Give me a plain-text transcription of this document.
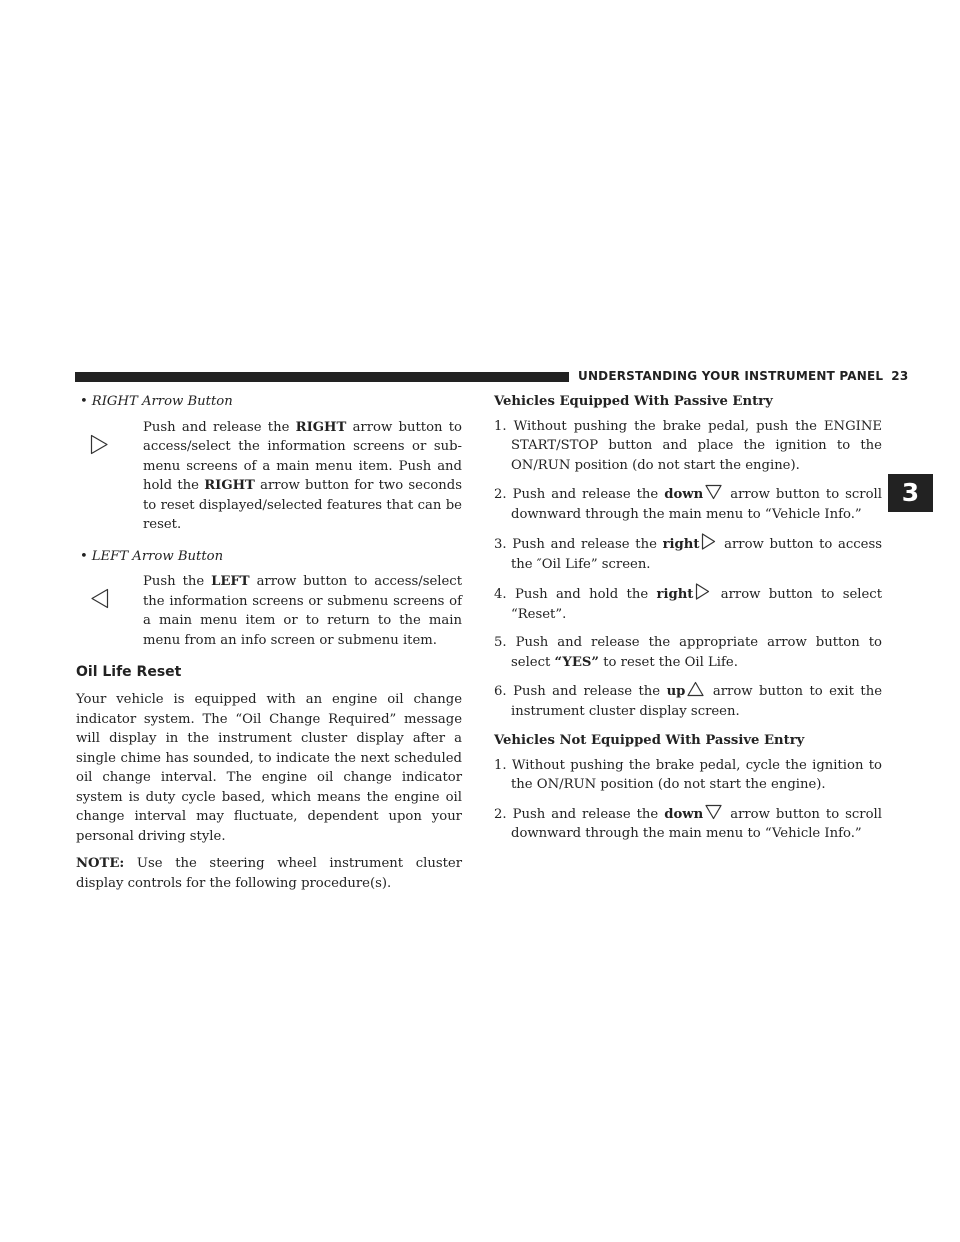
UNDERSTANDING YOUR INSTRUMENT PANEL 23
3

• RIGHT Arrow Button

Push and release the RIGHT arrow button to access/select the information screens or sub-menu screens of a main menu item. Push and hold the RIGHT arrow button for two seconds to reset displayed/selected features that can be reset.

• LEFT Arrow Button

Push the LEFT arrow button to access/select the information screens or submenu screens of a main menu item or to return to the main menu from an info screen or submenu item.

Oil Life Reset

Your vehicle is equipped with an engine oil change indicator system. The “Oil Change Required” message will display in the instrument cluster display after a single chime has sounded, to indicate the next scheduled oil change interval. The engine oil change indicator system is duty cycle based, which means the engine oil change interval may fluctuate, dependent upon your personal driving style.

NOTE: Use the steering wheel instrument cluster display controls for the following procedure(s).

Vehicles Equipped With Passive Entry

1. Without pushing the brake pedal, push the ENGINE START/STOP button and place the ignition to the ON/RUN position (do not start the engine).

2. Push and release the down arrow button to scroll downward through the main menu to “Vehicle Info.”

3. Push and release the right arrow button to access the ″Oil Life” screen.

4. Push and hold the right arrow button to select “Reset”.

5. Push and release the appropriate arrow button to select “YES” to reset the Oil Life.

6. Push and release the up arrow button to exit the instrument cluster display screen.

Vehicles Not Equipped With Passive Entry

1. Without pushing the brake pedal, cycle the ignition to the ON/RUN position (do not start the engine).

2. Push and release the down arrow button to scroll downward through the main menu to “Vehicle Info.”
